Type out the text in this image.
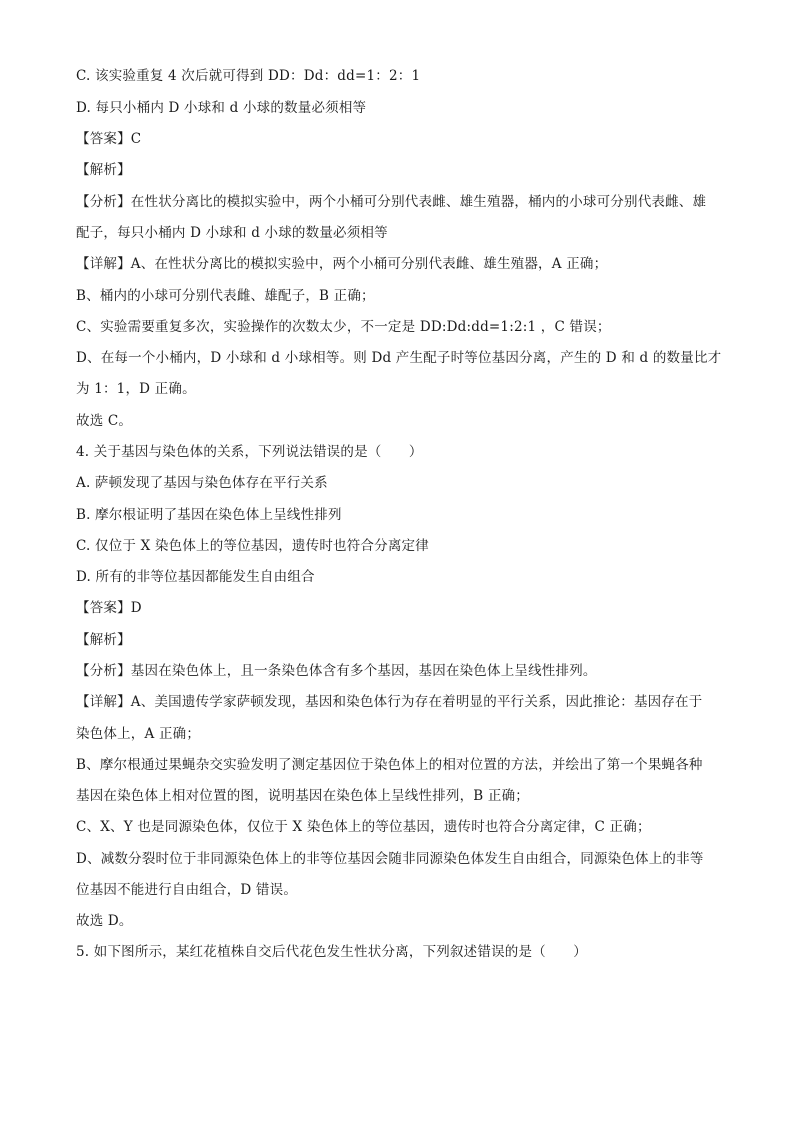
C. 该实验重复 4 次后就可得到 DD：Dd：dd=1：2：1
D. 每只小桶内 D 小球和 d 小球的数量必须相等
【答案】C
【解析】
【分析】在性状分离比的模拟实验中，两个小桶可分别代表雌、雄生殖器，桶内的小球可分别代表雌、雄
配子，每只小桶内 D 小球和 d 小球的数量必须相等
【详解】A、在性状分离比的模拟实验中，两个小桶可分别代表雌、雄生殖器，A 正确；
B、桶内的小球可分别代表雌、雄配子，B 正确；
C、实验需要重复多次，实验操作的次数太少，不一定是 DD:Dd:dd=1:2:1 ，C 错误；
D、在每一个小桶内，D 小球和 d 小球相等。则 Dd 产生配子时等位基因分离，产生的 D 和 d 的数量比才
为 1：1，D 正确。
故选 C。
4. 关于基因与染色体的关系，下列说法错误的是（　　）
A. 萨顿发现了基因与染色体存在平行关系
B. 摩尔根证明了基因在染色体上呈线性排列
C. 仅位于 X 染色体上的等位基因，遗传时也符合分离定律
D. 所有的非等位基因都能发生自由组合
【答案】D
【解析】
【分析】基因在染色体上，且一条染色体含有多个基因，基因在染色体上呈线性排列。
【详解】A、美国遗传学家萨顿发现，基因和染色体行为存在着明显的平行关系，因此推论：基因存在于
染色体上，A 正确；
B、摩尔根通过果蝇杂交实验发明了测定基因位于染色体上的相对位置的方法，并绘出了第一个果蝇各种
基因在染色体上相对位置的图，说明基因在染色体上呈线性排列，B 正确；
C、X、Y 也是同源染色体，仅位于 X 染色体上的等位基因，遗传时也符合分离定律，C 正确；
D、减数分裂时位于非同源染色体上的非等位基因会随非同源染色体发生自由组合，同源染色体上的非等
位基因不能进行自由组合，D 错误。
故选 D。
5. 如下图所示，某红花植株自交后代花色发生性状分离，下列叙述错误的是（　　）
